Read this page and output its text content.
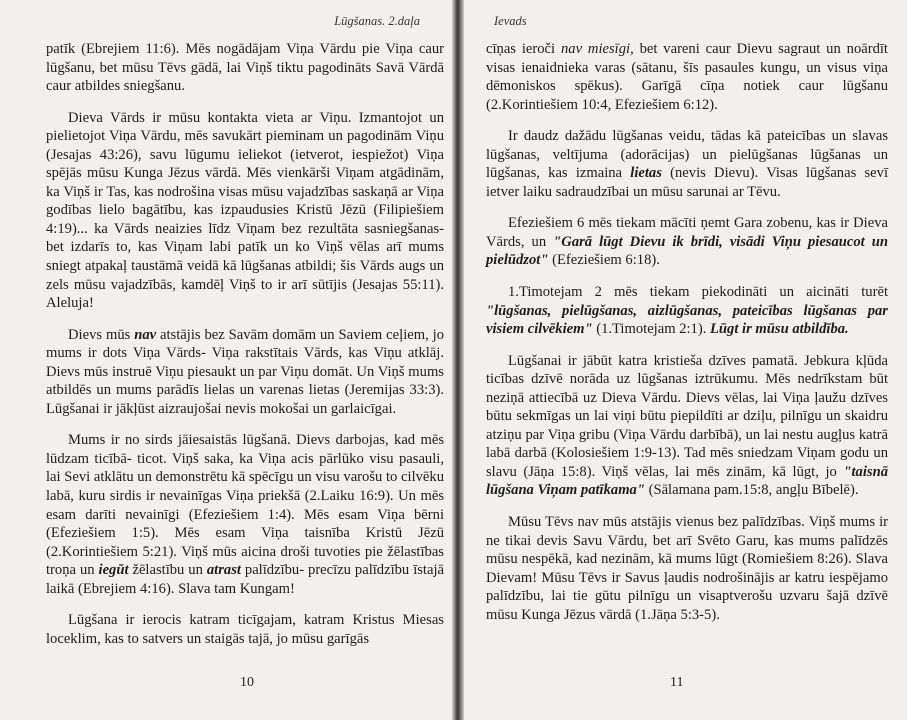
Lūgšanas. 2.daļa

patīk (Ebrejiem 11:6). Mēs nogādājam Viņa Vārdu pie Viņa caur lūgšanu, bet mūsu Tēvs gādā, lai Viņš tiktu pagodināts Savā Vārdā caur atbildes sniegšanu.

Dieva Vārds ir mūsu kontakta vieta ar Viņu. Izmantojot un pielietojot Viņa Vārdu, mēs savukārt pieminam un pagodinām Viņu (Jesajas 43:26), savu lūgumu ieliekot (ietverot, iespiežot) Viņa spējās mūsu Kunga Jēzus vārdā. Mēs vienkārši Viņam atgādinām, ka Viņš ir Tas, kas nodrošina visas mūsu vajadzības saskaņā ar Viņa godības lielo bagātību, kas izpaudusies Kristū Jēzū (Filipiešiem 4:19)... ka Vārds neaizies līdz Viņam bez rezultāta sasniegšanas- bet izdarīs to, kas Viņam labi patīk un ko Viņš vēlas arī mums sniegt atpakaļ taustāmā veidā kā lūgšanas atbildi; šis Vārds augs un zels mūsu vajadzībās, kamdēļ Viņš to ir arī sūtījis (Jesajas 55:11). Aleluja!

Dievs mūs nav atstājis bez Savām domām un Saviem ceļiem, jo mums ir dots Viņa Vārds- Viņa rakstītais Vārds, kas Viņu atklāj. Dievs mūs instruē Viņu piesaukt un par Viņu domāt. Un Viņš mums atbildēs un mums parādīs lielas un varenas lietas (Jeremijas 33:3). Lūgšanai ir jākļūst aizraujošai nevis mokošai un garlaicīgai.

Mums ir no sirds jāiesaistās lūgšanā. Dievs darbojas, kad mēs lūdzam ticībā- ticot. Viņš saka, ka Viņa acis pārlūko visu pasauli, lai Sevi atklātu un demonstrētu kā spēcīgu un visu varošu to cilvēku labā, kuru sirdis ir nevainīgas Viņa priekšā (2.Laiku 16:9). Un mēs esam darīti nevainīgi (Efeziešiem 1:4). Mēs esam Viņa bērni (Efeziešiem 1:5). Mēs esam Viņa taisnība Kristū Jēzū (2.Korintiešiem 5:21). Viņš mūs aicina droši tuvoties pie žēlastības troņa un iegūt žēlastību un atrast palīdzību- precīzu palīdzību īstajā laikā (Ebrejiem 4:16). Slava tam Kungam!

Lūgšana ir ierocis katram ticīgajam, katram Kristus Miesas loceklim, kas to satvers un staigās tajā, jo mūsu garīgās

10
Ievads

cīņas ieroči nav miesīgi, bet vareni caur Dievu sagraut un noārdīt visas ienaidnieka varas (sātanu, šīs pasaules kungu, un visus viņa dēmoniskos spēkus). Garīgā cīņa notiek caur lūgšanu (2.Korintiešiem 10:4, Efeziešiem 6:12).

Ir daudz dažādu lūgšanas veidu, tādas kā pateicības un slavas lūgšanas, veltījuma (adorācijas) un pielūgšanas lūgšanas un lūgšanas, kas izmaina lietas (nevis Dievu). Visas lūgšanas sevī ietver laiku sadraudzībai un mūsu sarunai ar Tēvu.

Efeziešiem 6 mēs tiekam mācīti ņemt Gara zobenu, kas ir Dieva Vārds, un "Garā lūgt Dievu ik brīdi, visādi Viņu piesaucot un pielūdzot" (Efeziešiem 6:18).

1.Timotejam 2 mēs tiekam piekodināti un aicināti turēt "lūgšanas, pielūgšanas, aizlūgšanas, pateicības lūgšanas par visiem cilvēkiem" (1.Timotejam 2:1). Lūgt ir mūsu atbildība.

Lūgšanai ir jābūt katra kristieša dzīves pamatā. Jebkura kļūda ticības dzīvē norāda uz lūgšanas iztrūkumu. Mēs nedrīkstam būt neziņā attiecībā uz Dieva Vārdu. Dievs vēlas, lai Viņa ļaužu dzīves būtu sekmīgas un lai viņi būtu piepildīti ar dziļu, pilnīgu un skaidru atziņu par Viņa gribu (Viņa Vārdu darbībā), un lai nestu augļus katrā labā darbā (Kolosiešiem 1:9-13). Tad mēs sniedzam Viņam godu un slavu (Jāņa 15:8). Viņš vēlas, lai mēs zinām, kā lūgt, jo "taisnā lūgšana Viņam patīkama" (Sālamana pam.15:8, angļu Bībelē).

Mūsu Tēvs nav mūs atstājis vienus bez palīdzības. Viņš mums ir ne tikai devis Savu Vārdu, bet arī Svēto Garu, kas mums palīdzēs mūsu nespēkā, kad nezinām, kā mums lūgt (Romiešiem 8:26). Slava Dievam! Mūsu Tēvs ir Savus ļaudis nodrošinājis ar katru iespējamo palīdzību, lai tie gūtu pilnīgu un visaptverošu uzvaru šajā dzīvē mūsu Kunga Jēzus vārdā (1.Jāņa 5:3-5).

11
